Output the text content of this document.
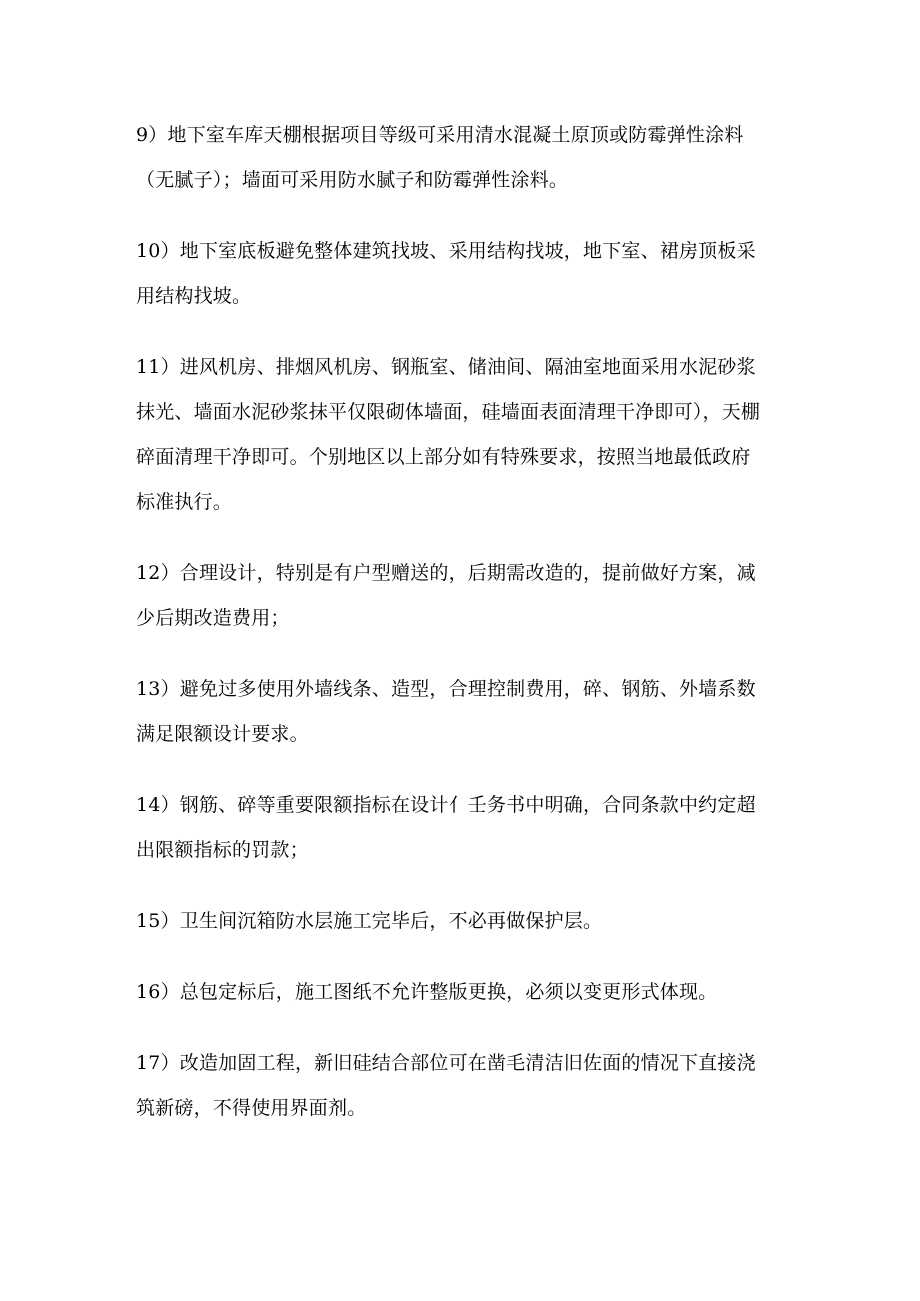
9）地下室车库天棚根据项目等级可采用清水混凝土原顶或防霉弹性涂料
（无腻子）；墙面可采用防水腻子和防霉弹性涂料。
10）地下室底板避免整体建筑找坡、采用结构找坡，地下室、裙房顶板采
用结构找坡。
11）进风机房、排烟风机房、钢瓶室、储油间、隔油室地面采用水泥砂浆
抹光、墙面水泥砂浆抹平仅限砌体墙面，硅墙面表面清理干净即可），天棚
碎面清理干净即可。个别地区以上部分如有特殊要求，按照当地最低政府
标准执行。
12）合理设计，特别是有户型赠送的，后期需改造的，提前做好方案，减
少后期改造费用；
13）避免过多使用外墙线条、造型，合理控制费用，碎、钢筋、外墙系数
满足限额设计要求。
14）钢筋、碎等重要限额指标在设计亻壬务书中明确，合同条款中约定超
出限额指标的罚款；
15）卫生间沉箱防水层施工完毕后，不必再做保护层。
16）总包定标后，施工图纸不允许整版更换，必须以变更形式体现。
17）改造加固工程，新旧硅结合部位可在凿毛清洁旧佐面的情况下直接浇
筑新磅，不得使用界面剂。
